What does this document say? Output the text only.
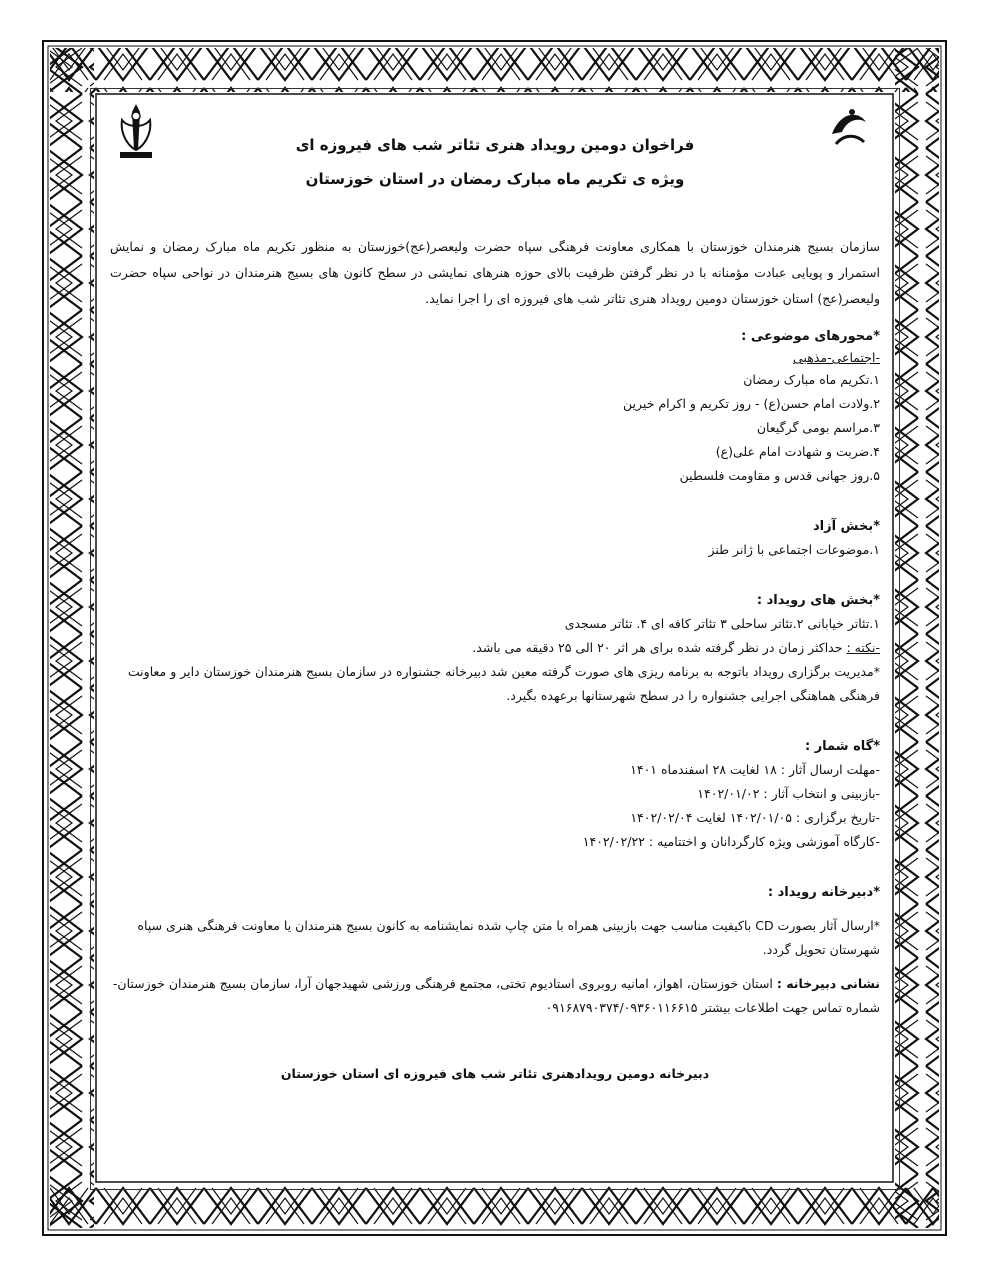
فراخوان دومین رویداد هنری تئاتر شب های فیروزه ای

ویژه ی تکریم ماه مبارک رمضان در استان خوزستان

سازمان بسیج هنرمندان خوزستان با همکاری معاونت فرهنگی سپاه حضرت ولیعصر(عج)خوزستان به منظور تکریم ماه مبارک رمضان و نمایش استمرار و پویایی عبادت مؤمنانه با در نظر گرفتن ظرفیت بالای حوزه هنرهای نمایشی در سطح کانون های بسیج هنرمندان در نواحی سپاه حضرت ولیعصر(عج) استان خوزستان دومین رویداد هنری تئاتر شب های فیروزه ای را اجرا نماید.
*محورهای موضوعی :
-اجتماعی-مذهبی
۱.تکریم ماه مبارک رمضان
۲.ولادت امام حسن(ع) - روز تکریم و اکرام خیرین
۳.مراسم بومی گرگیعان
۴.ضربت و شهادت امام علی(ع)
۵.روز جهانی قدس و مقاومت فلسطین
*بخش آزاد
۱.موضوعات اجتماعی با ژانر طنز
*بخش های رویداد :
۱.تئاتر خیابانی ۲.تئاتر ساحلی ۳ تئاتر کافه ای ۴. تئاتر مسجدی
-نکته : حداکثر زمان در نظر گرفته شده برای هر اثر ۲۰ الی ۲۵ دقیقه می باشد.
*مدیریت برگزاری رویداد باتوجه به برنامه ریزی های صورت گرفته معین شد دبیرخانه جشنواره در سازمان بسیج هنرمندان خوزستان دایر و معاونت فرهنگی هماهنگی اجرایی جشنواره را در سطح شهرستانها برعهده بگیرد.
*گاه شمار :
-مهلت ارسال آثار : ۱۸ لغایت ۲۸ اسفندماه ۱۴۰۱
-بازبینی و انتخاب آثار : ۱۴۰۲/۰۱/۰۲
-تاریخ برگزاری : ۱۴۰۲/۰۱/۰۵ لغایت ۱۴۰۲/۰۲/۰۴
-کارگاه آموزشی ویژه کارگردانان و اختتامیه : ۱۴۰۲/۰۲/۲۲
*دبیرخانه رویداد :
*ارسال آثار بصورت CD باکیفیت مناسب جهت بازبینی همراه با متن چاپ شده نمایشنامه به کانون بسیج هنرمندان یا معاونت فرهنگی هنری سپاه شهرستان تحویل گردد.
نشانی دبیرخانه : استان خوزستان، اهواز، امانیه روبروی استادیوم تختی، مجتمع فرهنگی ورزشی شهیدجهان آرا، سازمان بسیج هنرمندان خوزستان- شماره تماس جهت اطلاعات بیشتر ۰۹۱۶۸۷۹۰۳۷۴/۰۹۳۶۰۱۱۶۶۱۵
دبیرخانه دومین رویدادهنری تئاتر شب های فیروزه ای استان خوزستان
